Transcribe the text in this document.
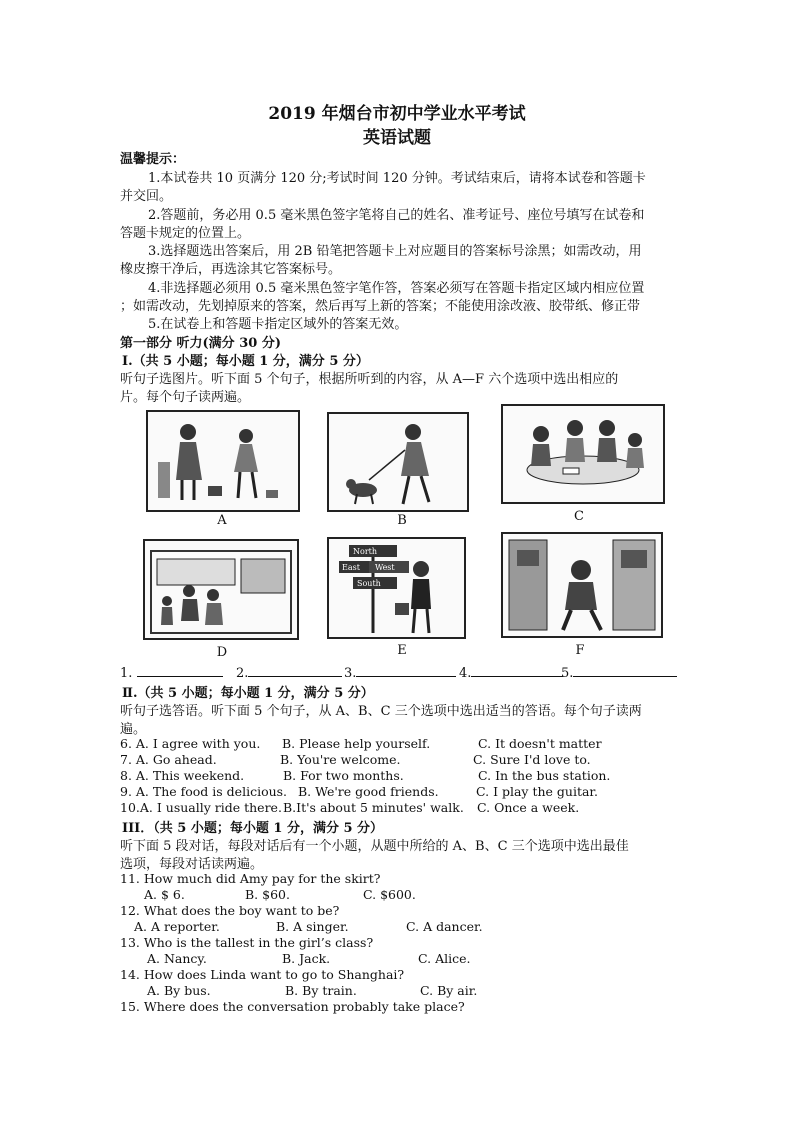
2019 年烟台市初中学业水平考试
英语试题
温馨提示：
1.本试卷共 10 页满分 120 分;考试时间 120 分钟。考试结束后，请将本试卷和答题卡
并交回。
2.答题前，务必用 0.5 毫米黑色签字笔将自己的姓名、准考证号、座位号填写在试卷和
答题卡规定的位置上。
3.选择题选出答案后，用 2B 铅笔把答题卡上对应题目的答案标号涂黑；如需改动，用
橡皮擦干净后，再选涂其它答案标号。
4.非选择题必须用 0.5 毫米黑色签字笔作答，答案必须写在答题卡指定区域内相应位置
；如需改动，先划掉原来的答案，然后再写上新的答案；不能使用涂改液、胶带纸、修正带
5.在试卷上和答题卡指定区域外的答案无效。
第一部分 听力(满分 30 分)
Ⅰ.（共 5 小题；每小题 1 分，满分 5 分）
听句子选图片。听下面 5 个句子，根据所听到的内容，从 A—F 六个选项中选出相应的
片。每个句子读两遍。
A	B	C
D
North
East West
South
E	F
1.	2.	3.	4.	5.
Ⅱ.（共 5 小题；每小题 1 分，满分 5 分）
听句子选答语。听下面 5 个句子，从 A、B、C 三个选项中选出适当的答语。每个句子读两
遍。
6. A. I agree with you. B. Please help yourself.	C. It doesn't matter
7. A. Go ahead.	B. You're welcome.	C. Sure I'd love to.
8. A. This weekend.	B. For two months.	C. In the bus station.
9. A. The food is delicious. B. We're good friends.	C. I play the guitar.
10.A. I usually ride there. B.It's about 5 minutes' walk. C. Once a week.
III．（共 5 小题；每小题 1 分，满分 5 分）
听下面 5 段对话，每段对话后有一个小题，从题中所给的 A、B、C 三个选项中选出最佳
选项，每段对话读两遍。
11. How much did Amy pay for the skirt?
A. $ 6.	B. $60.	C. $600.
12. What does the boy want to be?
A. A reporter.	B. A singer.	C. A dancer.
13. Who is the tallest in the girl’s class?
A. Nancy.	B. Jack.	C. Alice.
14. How does Linda want to go to Shanghai?
A. By bus.	B. By train.	C. By air.
15. Where does the conversation probably take place?
